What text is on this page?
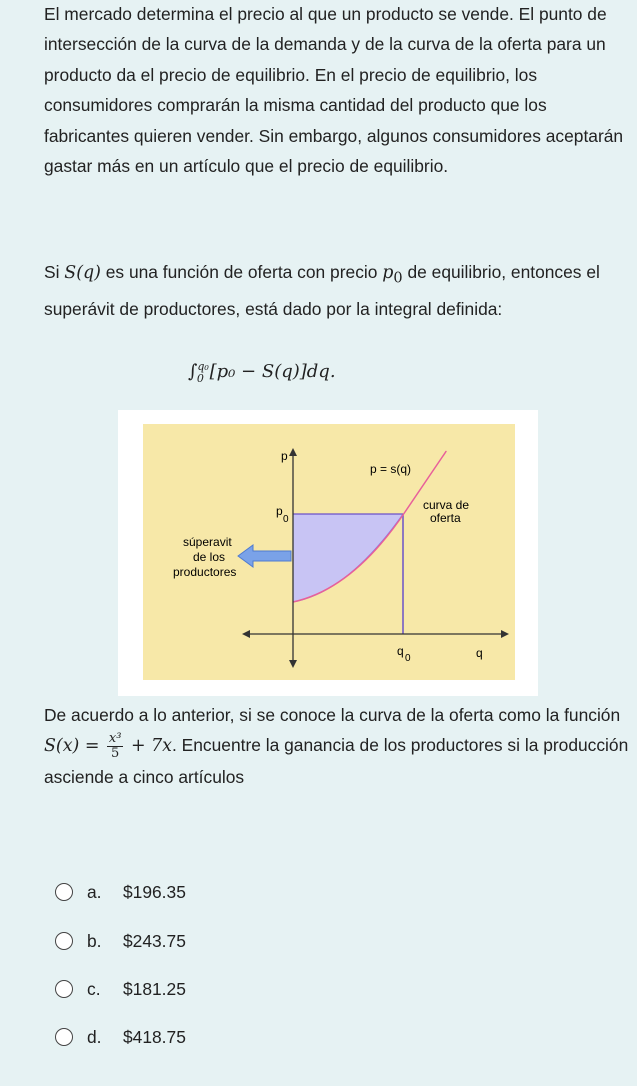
El mercado determina el precio al que un producto se vende. El punto de intersección de la curva de la demanda y de la curva de la oferta para un producto da el precio de equilibrio. En el precio de equilibrio, los consumidores comprarán la misma cantidad del producto que los fabricantes quieren vender. Sin embargo, algunos consumidores aceptarán gastar más en un artículo que el precio de equilibrio.

Si S(q) es una función de oferta con precio $p_0$ de equilibrio, entonces el superávit de productores, está dado por la integral definida:

De acuerdo a lo anterior, si se conoce la curva de la oferta como la función $S(x) = \frac{\text{x³}}{5} + 7x$. Encuentre la ganancia de los productores si la producción asciende a cinco artículos

∫$^{q_0}_0$ [p₀ − S(q)]dq.
p
p = s(q)
p
0
curva de
oferta
súperavit
de los
productores
q
0	q
a.	$196.35
b.	$243.75
c.	$181.25
d.	$418.75
